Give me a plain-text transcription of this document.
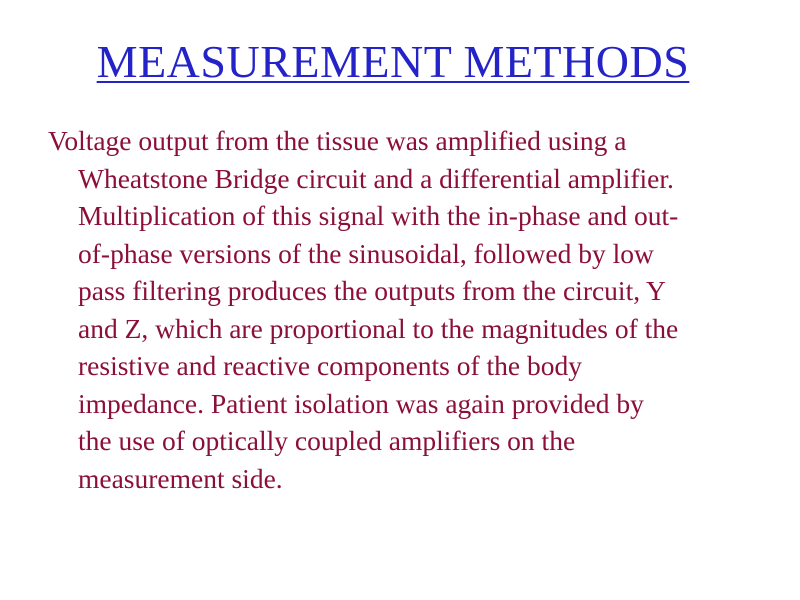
MEASUREMENT METHODS
Voltage output from the tissue was amplified using a
Wheatstone Bridge circuit and a differential amplifier.
Multiplication of this signal with the in-phase and out-
of-phase versions of the sinusoidal, followed by low
pass filtering produces the outputs from the circuit, Y
and Z, which are proportional to the magnitudes of the
resistive and reactive components of the body
impedance. Patient isolation was again provided by
the use of optically coupled amplifiers on the
measurement side.
